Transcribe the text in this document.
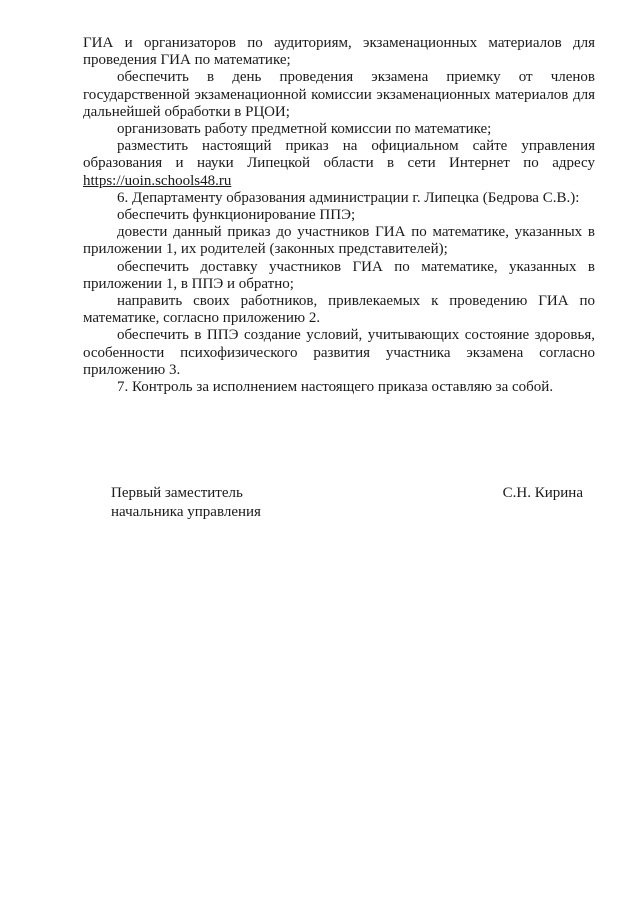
ГИА и организаторов по аудиториям, экзаменационных материалов для проведения ГИА по математике;

обеспечить в день проведения экзамена приемку от членов государственной экзаменационной комиссии экзаменационных материалов для дальнейшей обработки в РЦОИ;

организовать работу предметной комиссии по математике;

разместить настоящий приказ на официальном сайте управления образования и науки Липецкой области в сети Интернет по адресу https://uoin.schools48.ru

6. Департаменту образования администрации г. Липецка (Бедрова С.В.):

обеспечить функционирование ППЭ;

довести данный приказ до участников ГИА по математике, указанных в приложении 1, их родителей (законных представителей);

обеспечить доставку участников ГИА по математике, указанных в приложении 1, в ППЭ и обратно;

направить своих работников, привлекаемых к проведению ГИА по математике, согласно приложению 2.

обеспечить в ППЭ создание условий, учитывающих состояние здоровья, особенности психофизического развития участника экзамена согласно приложению 3.

7. Контроль за исполнением настоящего приказа оставляю за собой.

Первый заместитель
начальника управления
С.Н. Кирина
